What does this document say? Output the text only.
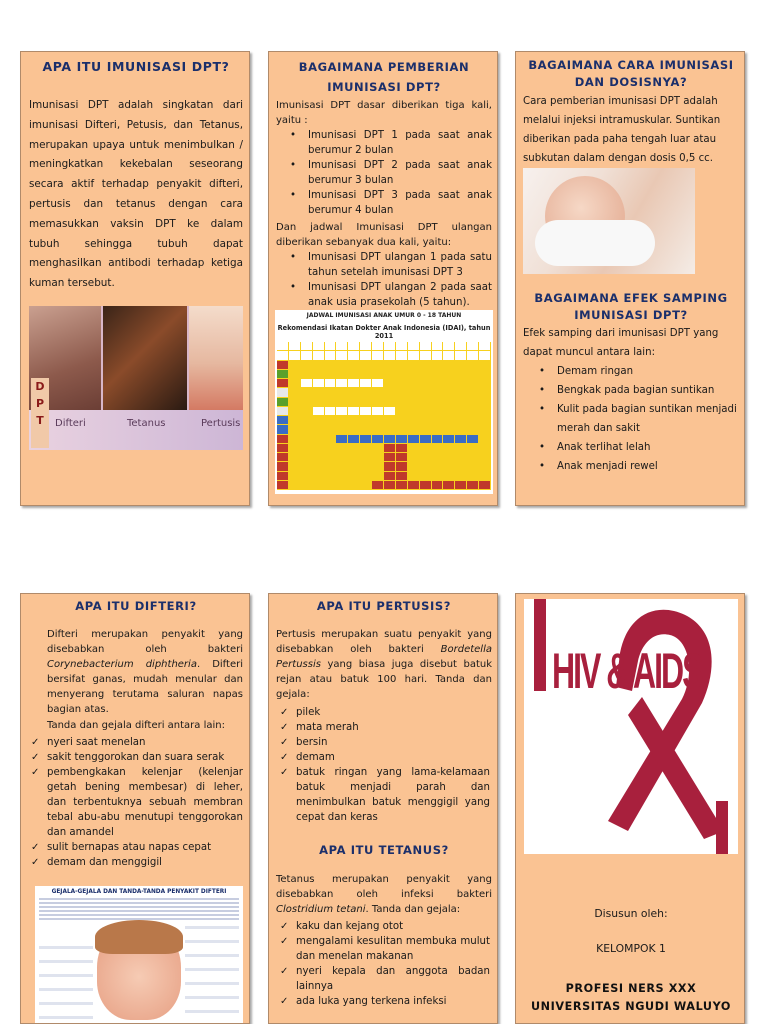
APA ITU IMUNISASI DPT?
Imunisasi DPT adalah singkatan dari imunisasi Difteri, Petusis, dan Tetanus, merupakan upaya untuk menimbulkan / meningkatkan kekebalan seseorang secara aktif terhadap penyakit difteri, pertusis dan tetanus dengan cara memasukkan vaksin DPT ke dalam tubuh sehingga tubuh dapat menghasilkan antibodi terhadap ketiga kuman tersebut.
D
P
T	Difteri	Tetanus	Pertusis
BAGAIMANA PEMBERIAN IMUNISASI DPT?
Imunisasi DPT dasar diberikan tiga kali, yaitu :
• Imunisasi DPT 1 pada saat anak berumur 2 bulan
• Imunisasi DPT 2 pada saat anak berumur 3 bulan
• Imunisasi DPT 3 pada saat anak berumur 4 bulan
Dan jadwal Imunisasi DPT ulangan diberikan sebanyak dua kali, yaitu:
• Imunisasi DPT ulangan 1 pada satu tahun setelah imunisasi DPT 3
• Imunisasi DPT ulangan 2 pada saat anak usia prasekolah (5 tahun).
JADWAL IMUNISASI ANAK UMUR 0 - 18 TAHUN
Rekomendasi Ikatan Dokter Anak Indonesia (IDAI), tahun 2011
BAGAIMANA CARA IMUNISASI DAN DOSISNYA?
Cara pemberian imunisasi DPT adalah melalui injeksi intramuskular. Suntikan diberikan pada paha tengah luar atau subkutan dalam dengan dosis 0,5 cc.
BAGAIMANA EFEK SAMPING IMUNISASI DPT?
Efek samping dari imunisasi DPT yang dapat muncul antara lain:
• Demam ringan
• Bengkak pada bagian suntikan
• Kulit pada bagian suntikan menjadi merah dan sakit
• Anak terlihat lelah
• Anak menjadi rewel
APA ITU DIFTERI?
Difteri merupakan penyakit yang disebabkan oleh bakteri Corynebacterium diphtheria. Difteri bersifat ganas, mudah menular dan menyerang terutama saluran napas bagian atas.
Tanda dan gejala difteri antara lain:
✓ nyeri saat menelan
✓ sakit tenggorokan dan suara serak
✓ pembengkakan kelenjar (kelenjar getah bening membesar) di leher, dan terbentuknya sebuah membran tebal abu-abu menutupi tenggorokan dan amandel
✓ sulit bernapas atau napas cepat
✓ demam dan menggigil
GEJALA-GEJALA DAN TANDA-TANDA PENYAKIT DIFTERI
APA ITU PERTUSIS?
Pertusis merupakan suatu penyakit yang disebabkan oleh bakteri Bordetella Pertussis yang biasa juga disebut batuk rejan atau batuk 100 hari. Tanda dan gejala:
✓ pilek
✓ mata merah
✓ bersin
✓ demam
✓ batuk ringan yang lama-kelamaan batuk menjadi parah dan menimbulkan batuk menggigil yang cepat dan keras
APA ITU TETANUS?
Tetanus merupakan penyakit yang disebabkan oleh infeksi bakteri Clostridium tetani. Tanda dan gejala:
✓ kaku dan kejang otot
✓ mengalami kesulitan membuka mulut dan menelan makanan
✓ nyeri kepala dan anggota badan lainnya
✓ ada luka yang terkena infeksi
HIV & AIDS
Disusun oleh:
KELOMPOK 1
PROFESI NERS XXX
UNIVERSITAS NGUDI WALUYO
